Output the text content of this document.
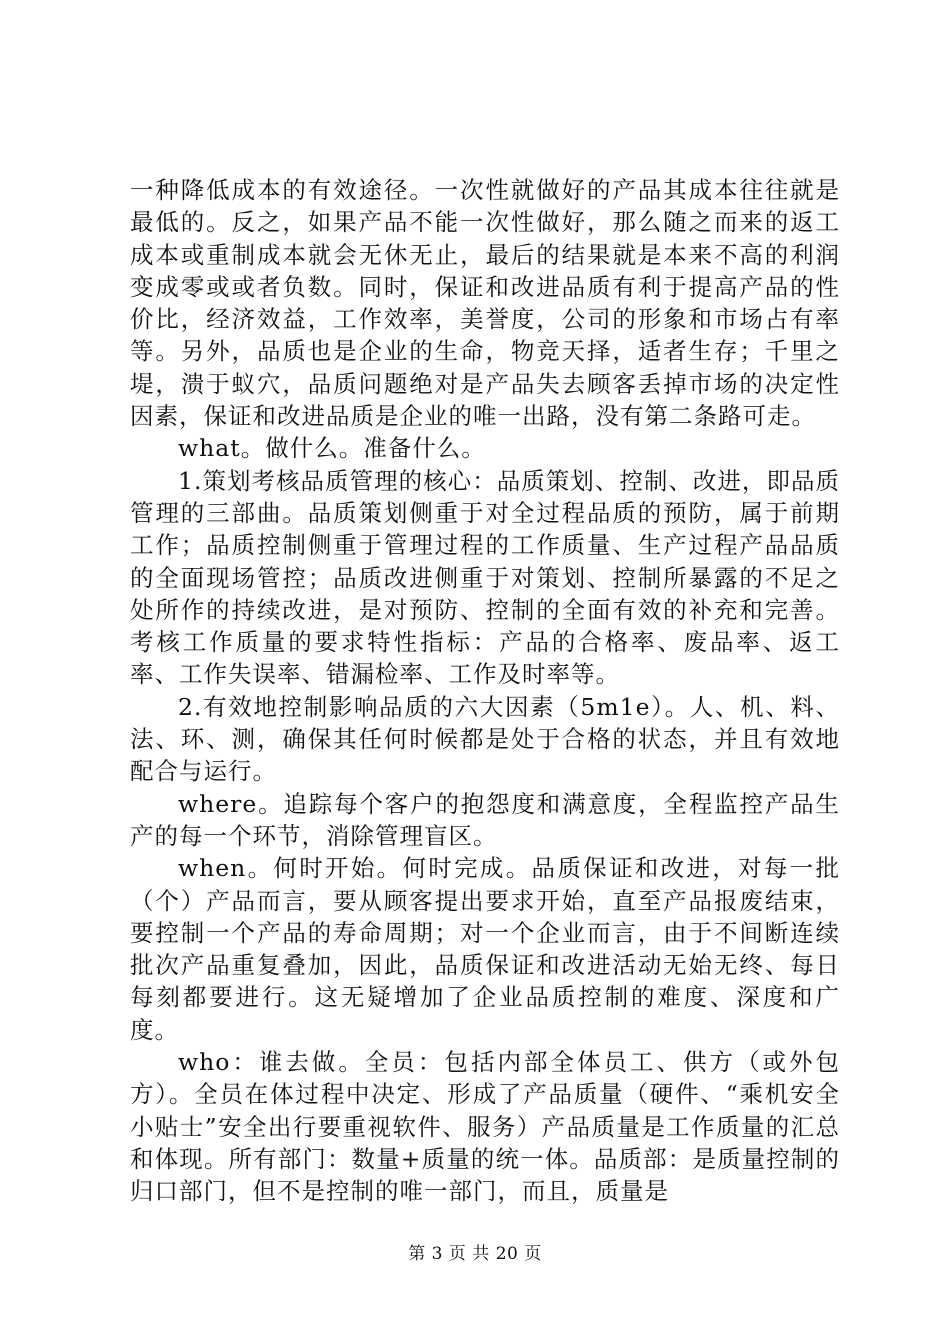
一种降低成本的有效途径。一次性就做好的产品其成本往往就是最低的。反之，如果产品不能一次性做好，那么随之而来的返工成本或重制成本就会无休无止，最后的结果就是本来不高的利润变成零或或者负数。同时，保证和改进品质有利于提高产品的性价比，经济效益，工作效率，美誉度，公司的形象和市场占有率等。另外，品质也是企业的生命，物竞天择，适者生存；千里之堤，溃于蚁穴，品质问题绝对是产品失去顾客丢掉市场的决定性因素，保证和改进品质是企业的唯一出路，没有第二条路可走。

what。做什么。准备什么。

1.策划考核品质管理的核心：品质策划、控制、改进，即品质管理的三部曲。品质策划侧重于对全过程品质的预防，属于前期工作；品质控制侧重于管理过程的工作质量、生产过程产品品质的全面现场管控；品质改进侧重于对策划、控制所暴露的不足之处所作的持续改进，是对预防、控制的全面有效的补充和完善。考核工作质量的要求特性指标：产品的合格率、废品率、返工率、工作失误率、错漏检率、工作及时率等。

2.有效地控制影响品质的六大因素（5m1e）。人、机、料、法、环、测，确保其任何时候都是处于合格的状态，并且有效地配合与运行。

where。追踪每个客户的抱怨度和满意度，全程监控产品生产的每一个环节，消除管理盲区。

when。何时开始。何时完成。品质保证和改进，对每一批（个）产品而言，要从顾客提出要求开始，直至产品报废结束，要控制一个产品的寿命周期；对一个企业而言，由于不间断连续批次产品重复叠加，因此，品质保证和改进活动无始无终、每日每刻都要进行。这无疑增加了企业品质控制的难度、深度和广度。

who：谁去做。全员：包括内部全体员工、供方（或外包方）。全员在体过程中决定、形成了产品质量（硬件、“乘机安全小贴士”安全出行要重视软件、服务）产品质量是工作质量的汇总和体现。所有部门：数量+质量的统一体。品质部：是质量控制的归口部门，但不是控制的唯一部门，而且，质量是

第 3 页 共 20 页
